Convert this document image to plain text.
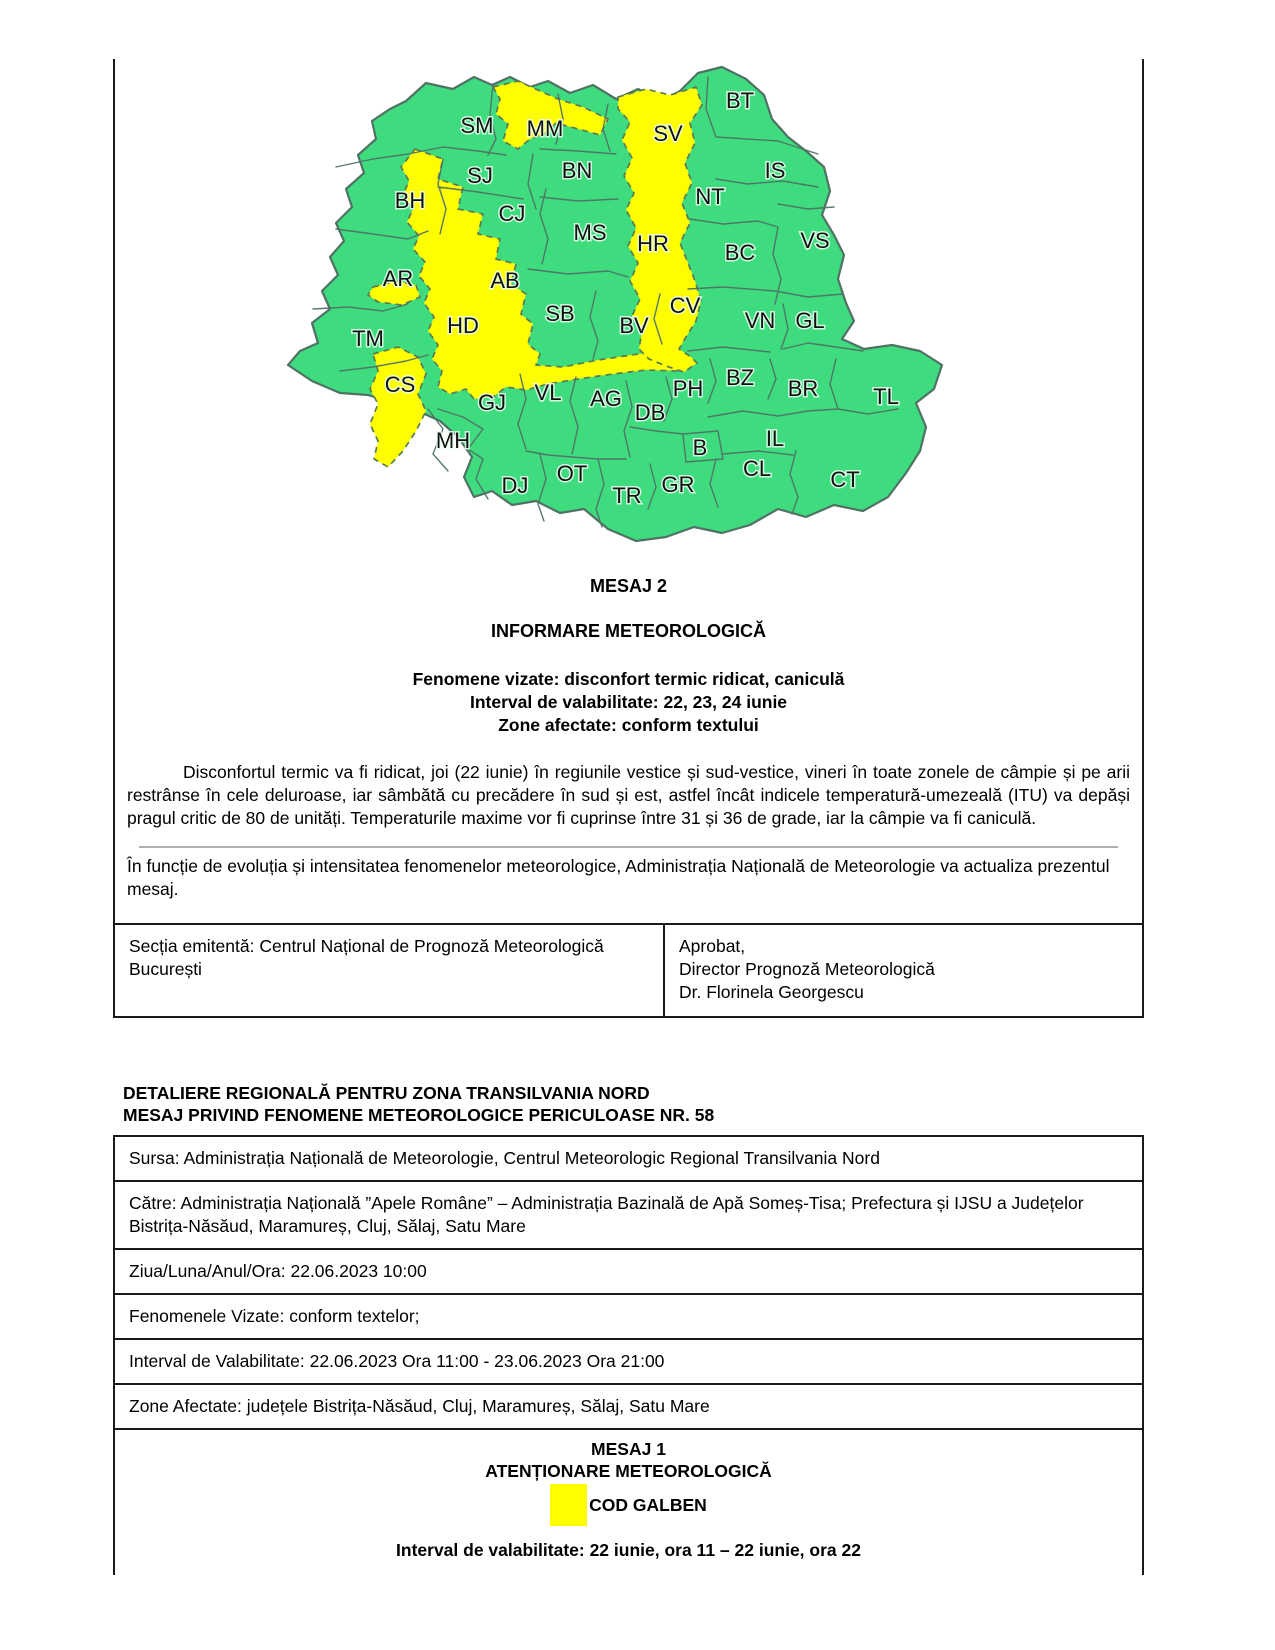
SM MM
BT
SV
IS
SJ	BN
NT
BH
CJ
MS HR	BC VS
AR	AB
CV
TM
HD	SB BV	VN GL
CS	BZ BR TL
GJ VL AG PH
DB
MH	IL
B
CL
OT	CT
DJ	GR
TR
MESAJ 2
INFORMARE METEOROLOGICĂ
Fenomene vizate: disconfort termic ridicat, caniculă
Interval de valabilitate: 22, 23, 24 iunie
Zone afectate: conform textului
Disconfortul termic va fi ridicat, joi (22 iunie) în regiunile vestice și sud-vestice, vineri în toate zonele de câmpie și pe arii restrânse în cele deluroase, iar sâmbătă cu precădere în sud și est, astfel încât indicele temperatură-umezeală (ITU) va depăși pragul critic de 80 de unități. Temperaturile maxime vor fi cuprinse între 31 și 36 de grade, iar la câmpie va fi caniculă.
În funcție de evoluția și intensitatea fenomenelor meteorologice, Administrația Națională de Meteorologie va actualiza prezentul mesaj.
Secția emitentă: Centrul Național de Prognoză Meteorologică București
Aprobat,
Director Prognoză Meteorologică
Dr. Florinela Georgescu
DETALIERE REGIONALĂ PENTRU ZONA TRANSILVANIA NORD
MESAJ PRIVIND FENOMENE METEOROLOGICE PERICULOASE NR. 58
Sursa: Administrația Națională de Meteorologie, Centrul Meteorologic Regional Transilvania Nord
Către: Administrația Națională ”Apele Române” – Administrația Bazinală de Apă Someș-Tisa; Prefectura și IJSU a Județelor Bistrița-Năsăud, Maramureș, Cluj, Sălaj, Satu Mare
Ziua/Luna/Anul/Ora: 22.06.2023 10:00
Fenomenele Vizate: conform textelor;
Interval de Valabilitate: 22.06.2023 Ora 11:00 - 23.06.2023 Ora 21:00
Zone Afectate: județele Bistrița-Năsăud, Cluj, Maramureș, Sălaj, Satu Mare
MESAJ 1
ATENȚIONARE METEOROLOGICĂ
COD GALBEN
Interval de valabilitate: 22 iunie, ora 11 – 22 iunie, ora 22
